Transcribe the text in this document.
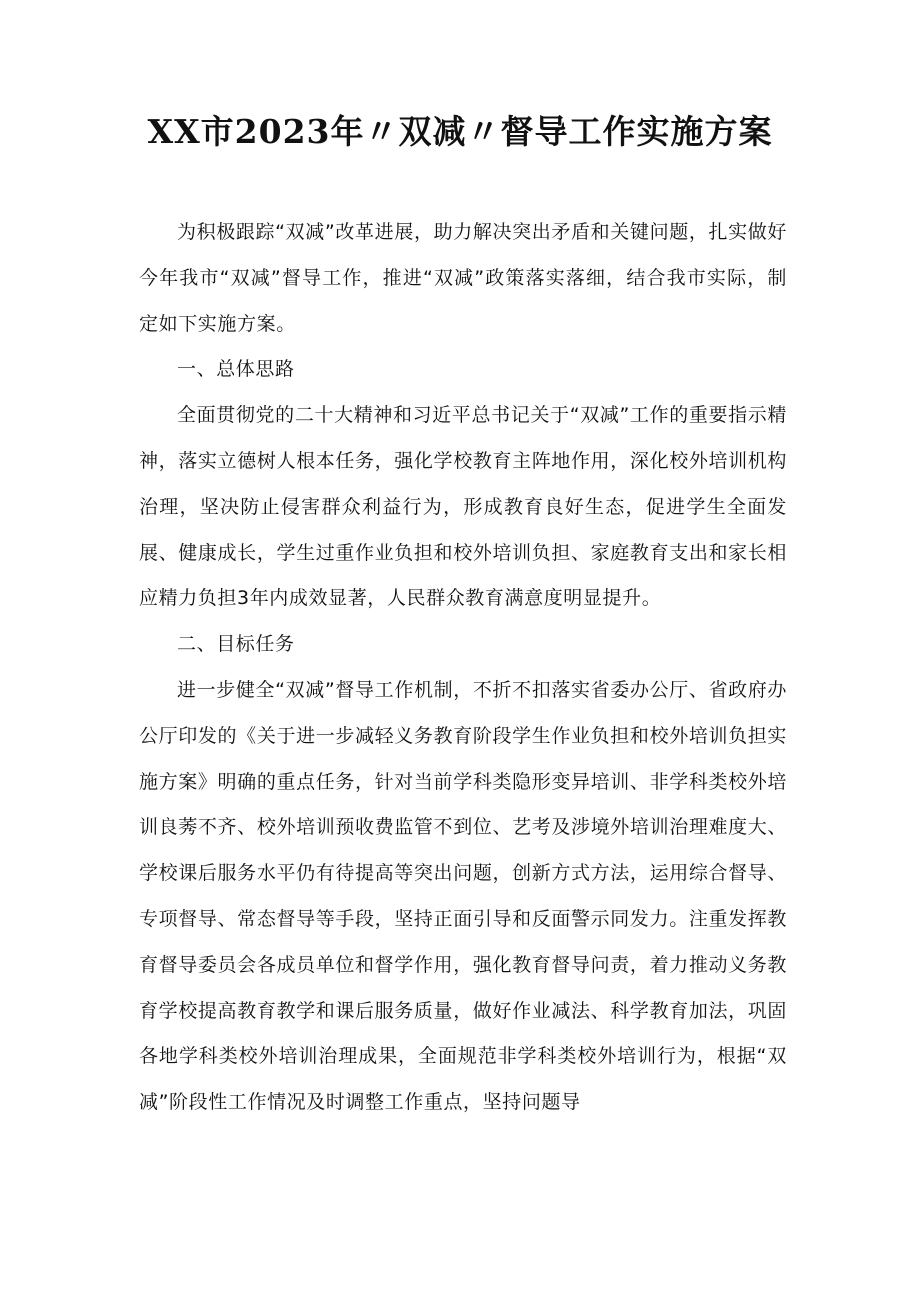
XX市2023年〃双减〃督导工作实施方案

为积极跟踪“双减”改革进展，助力解决突出矛盾和关键问题，扎实做好今年我市“双减”督导工作，推进“双减”政策落实落细，结合我市实际，制定如下实施方案。

一、总体思路

全面贯彻党的二十大精神和习近平总书记关于“双减”工作的重要指示精神，落实立德树人根本任务，强化学校教育主阵地作用，深化校外培训机构治理，坚决防止侵害群众利益行为，形成教育良好生态，促进学生全面发展、健康成长，学生过重作业负担和校外培训负担、家庭教育支出和家长相应精力负担3年内成效显著，人民群众教育满意度明显提升。

二、目标任务

进一步健全“双减”督导工作机制，不折不扣落实省委办公厅、省政府办公厅印发的《关于进一步减轻义务教育阶段学生作业负担和校外培训负担实施方案》明确的重点任务，针对当前学科类隐形变异培训、非学科类校外培训良莠不齐、校外培训预收费监管不到位、艺考及涉境外培训治理难度大、学校课后服务水平仍有待提高等突出问题，创新方式方法，运用综合督导、专项督导、常态督导等手段，坚持正面引导和反面警示同发力。注重发挥教育督导委员会各成员单位和督学作用，强化教育督导问责，着力推动义务教育学校提高教育教学和课后服务质量，做好作业减法、科学教育加法，巩固各地学科类校外培训治理成果，全面规范非学科类校外培训行为，根据“双减”阶段性工作情况及时调整工作重点，坚持问题导
